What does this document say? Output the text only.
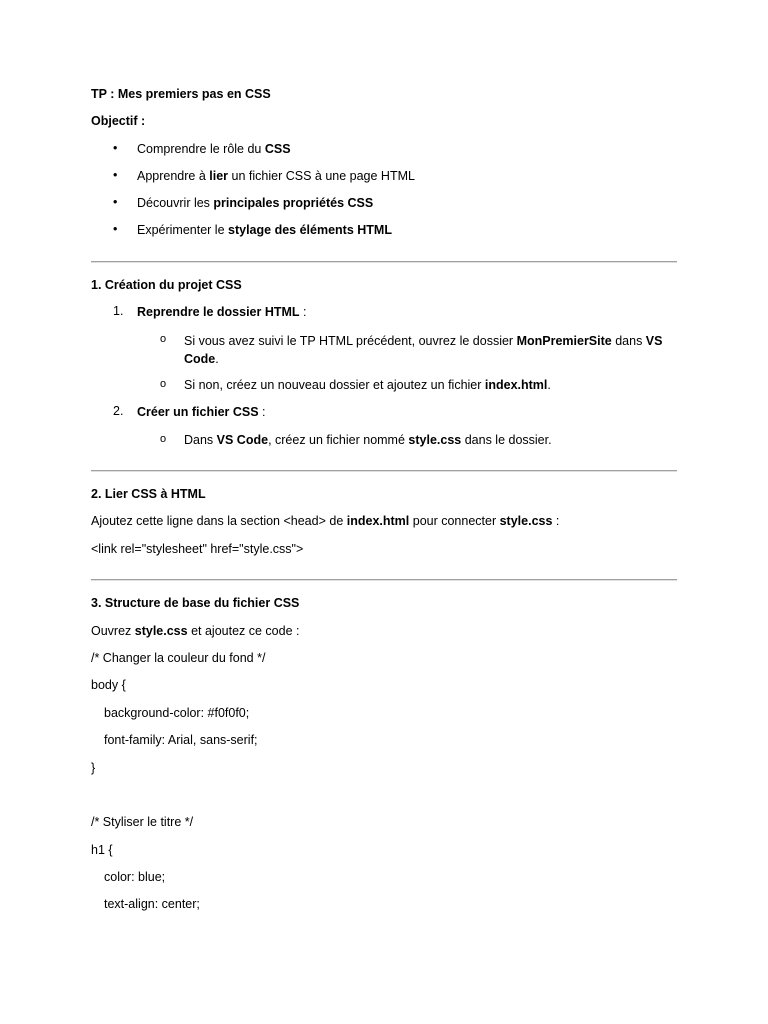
TP : Mes premiers pas en CSS
Objectif :
• Comprendre le rôle du CSS
• Apprendre à lier un fichier CSS à une page HTML
• Découvrir les principales propriétés CSS
• Expérimenter le stylage des éléments HTML
1. Création du projet CSS
1. Reprendre le dossier HTML :
o Si vous avez suivi le TP HTML précédent, ouvrez le dossier MonPremierSite dans VS
Code.
o Si non, créez un nouveau dossier et ajoutez un fichier index.html.
2. Créer un fichier CSS :
o Dans VS Code, créez un fichier nommé style.css dans le dossier.
2. Lier CSS à HTML
Ajoutez cette ligne dans la section <head> de index.html pour connecter style.css :
<link rel="stylesheet" href="style.css">
3. Structure de base du fichier CSS
Ouvrez style.css et ajoutez ce code :
/* Changer la couleur du fond */
body {
background-color: #f0f0f0;
font-family: Arial, sans-serif;
}
/* Styliser le titre */
h1 {
color: blue;
text-align: center;
